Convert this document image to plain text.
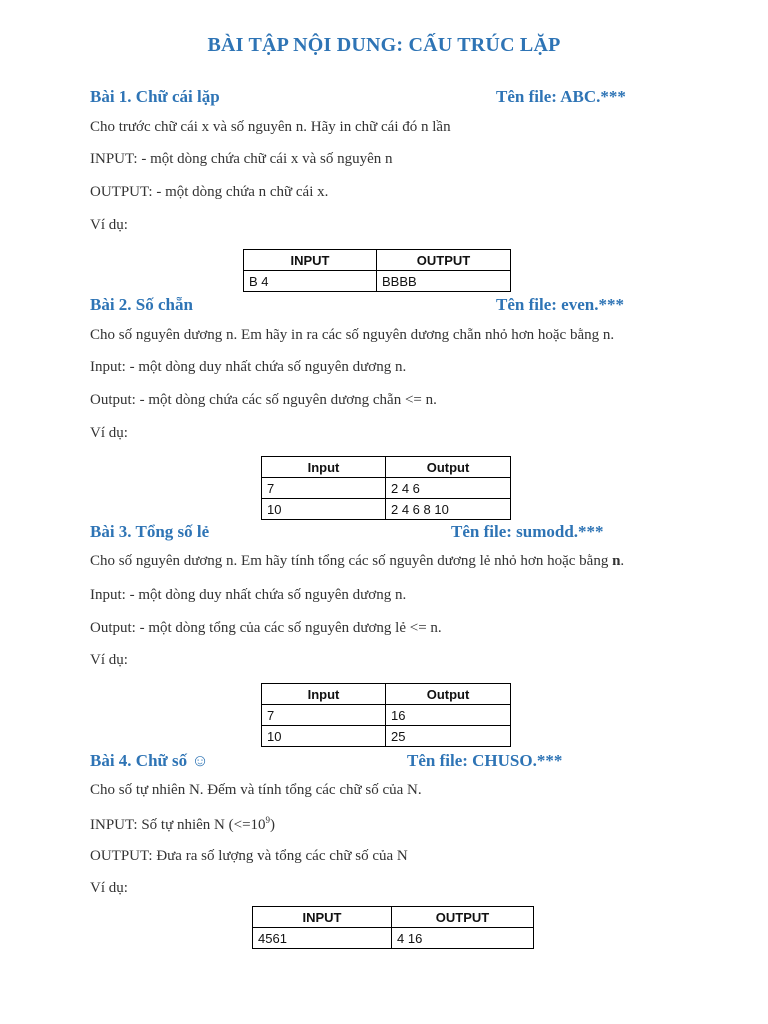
BÀI TẬP NỘI DUNG: CẤU TRÚC LẶP
Bài 1. Chữ cái lặp	Tên file: ABC.***
Cho trước chữ cái x và số nguyên n. Hãy in chữ cái đó n lần
INPUT: - một dòng chứa chữ cái x và số nguyên n
OUTPUT: - một dòng chứa n chữ cái x.
Ví dụ:
INPUT	OUTPUT
B 4	BBBB
Bài 2. Số chẵn	Tên file: even.***
Cho số nguyên dương n. Em hãy in ra các số nguyên dương chẵn nhỏ hơn hoặc bằng n.
Input: - một dòng duy nhất chứa số nguyên dương n.
Output: - một dòng chứa các số nguyên dương chẵn <= n.
Ví dụ:
Input	Output
7	2 4 6
10	2 4 6 8 10
Bài 3. Tổng số lẻ	Tên file: sumodd.***
Cho số nguyên dương n. Em hãy tính tổng các số nguyên dương lẻ nhỏ hơn hoặc bằng n.
Input: - một dòng duy nhất chứa số nguyên dương n.
Output: - một dòng tổng của các số nguyên dương lẻ <= n.
Ví dụ:
Input	Output
7	16
10	25
Bài 4. Chữ số ☺	Tên file: CHUSO.***
Cho số tự nhiên N. Đếm và tính tổng các chữ số của N.
INPUT: Số tự nhiên N $(<=10^9)$
OUTPUT: Đưa ra số lượng và tổng các chữ số của N
Ví dụ:
INPUT	OUTPUT
4561	4 16
